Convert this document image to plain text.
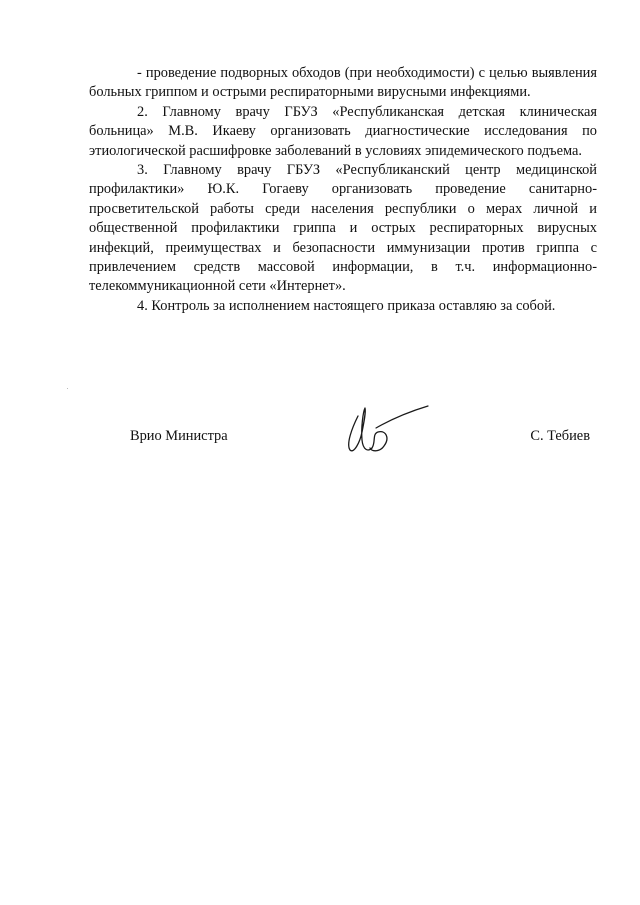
- проведение подворных обходов (при необходимости) с целью выявления больных гриппом и острыми респираторными вирусными инфекциями.

2. Главному врачу ГБУЗ «Республиканская детская клиническая больница» М.В. Икаеву организовать диагностические исследования по этиологической расшифровке заболеваний в условиях эпидемического подъема.

3. Главному врачу ГБУЗ «Республиканский центр медицинской профилактики» Ю.К. Гогаеву организовать проведение санитарно-просветительской работы среди населения республики о мерах личной и общественной профилактики гриппа и острых респираторных вирусных инфекций, преимуществах и безопасности иммунизации против гриппа с привлечением средств массовой информации, в т.ч. информационно-телекоммуникационной сети «Интернет».

4. Контроль за исполнением настоящего приказа оставляю за собой.

Врио Министра	С. Тебиев
